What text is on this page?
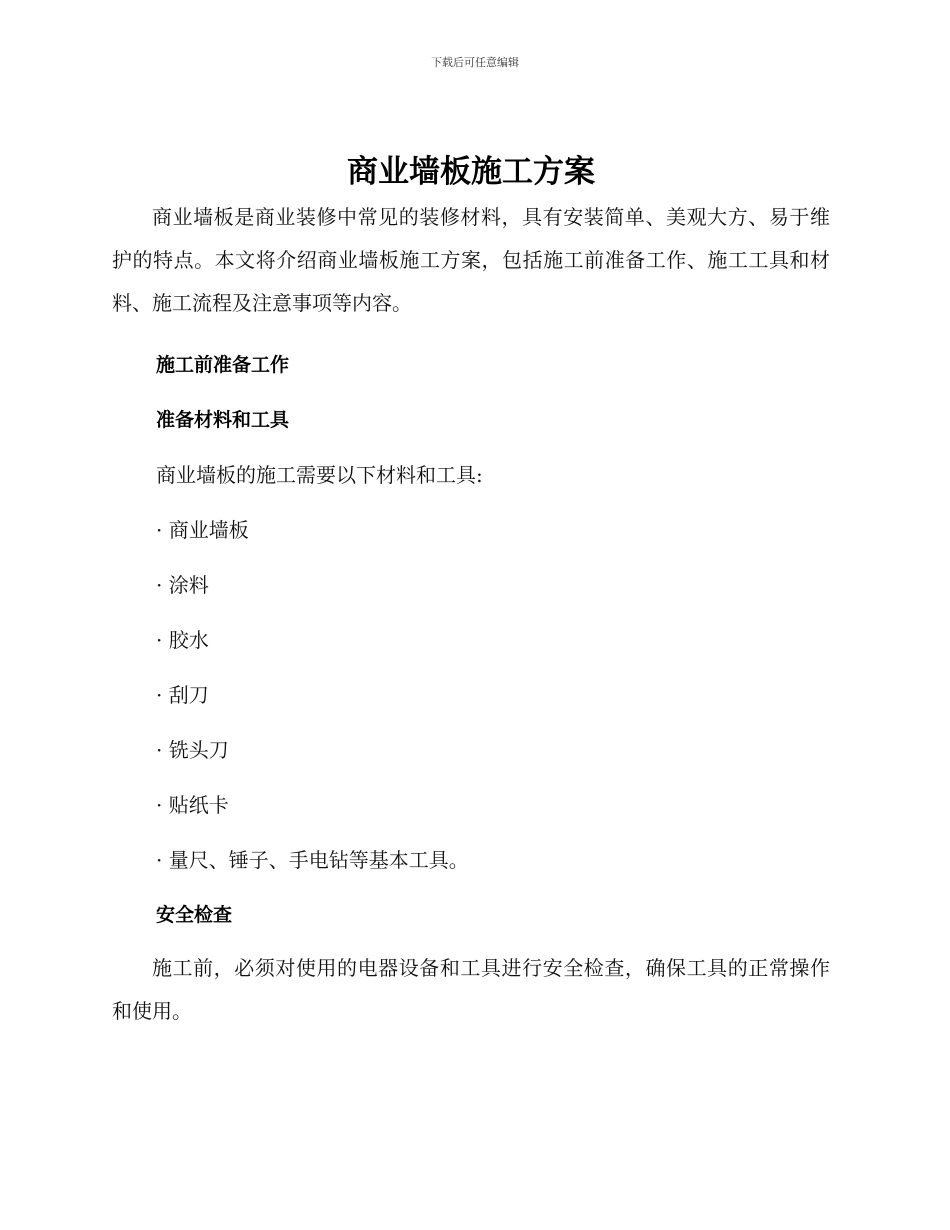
下载后可任意编辑
商业墙板施工方案

商业墙板是商业装修中常见的装修材料，具有安装简单、美观大方、易于维护的特点。本文将介绍商业墙板施工方案，包括施工前准备工作、施工工具和材料、施工流程及注意事项等内容。

施工前准备工作
准备材料和工具

商业墙板的施工需要以下材料和工具:

· 商业墙板

· 涂料

· 胶水

· 刮刀

· 铣头刀

· 贴纸卡

· 量尺、锤子、手电钻等基本工具。

安全检查

施工前，必须对使用的电器设备和工具进行安全检查，确保工具的正常操作和使用。
